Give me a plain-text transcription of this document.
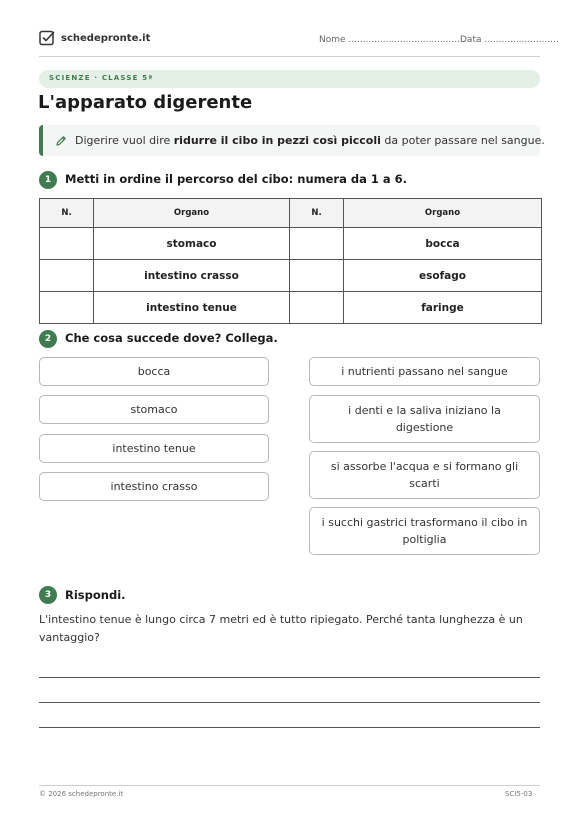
schedepronte.it	Nome .........................................
Data ..........................
SCIENZE · CLASSE 5ª
L'apparato digerente
Digerire vuol dire ridurre il cibo in pezzi così piccoli da poter passare nel sangue.
1	Metti in ordine il percorso del cibo: numera da 1 a 6.
N.	Organo	N.	Organo
	stomaco		bocca
	intestino crasso		esofago
	intestino tenue		faringe
2	Che cosa succede dove? Collega.
bocca
stomaco
intestino tenue
intestino crasso
i nutrienti passano nel sangue
i denti e la saliva iniziano la digestione
si assorbe l'acqua e si formano gli scarti
i succhi gastrici trasformano il cibo in poltiglia
3	Rispondi.
L'intestino tenue è lungo circa 7 metri ed è tutto ripiegato. Perché tanta lunghezza è un vantaggio?
© 2026 schedepronte.it	SCI5-03
